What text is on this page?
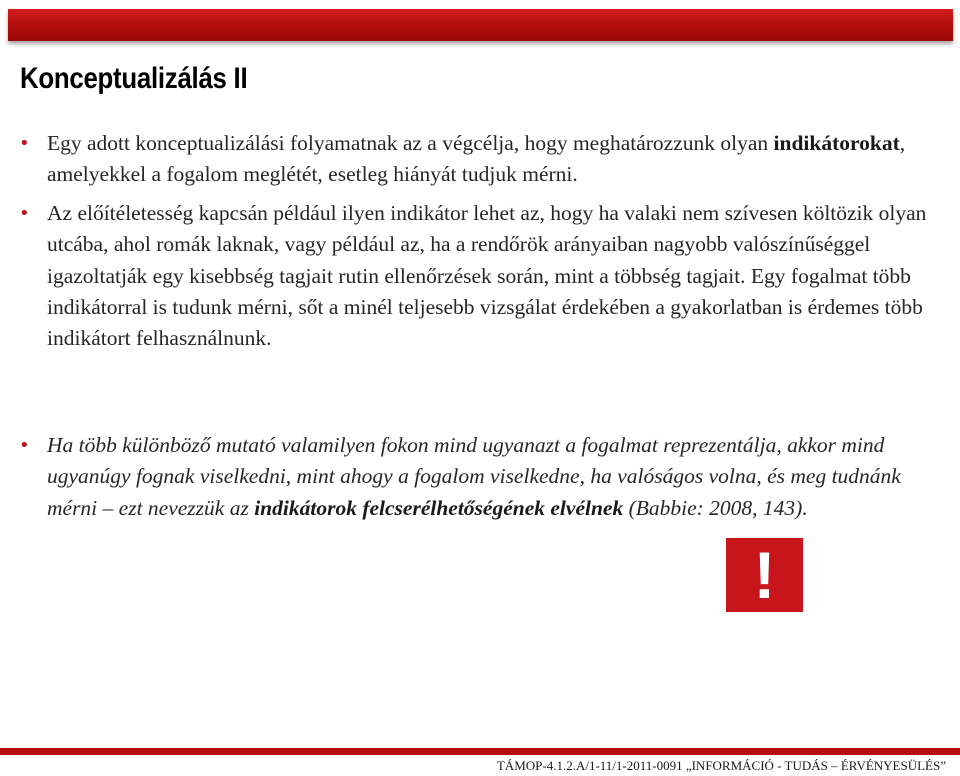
Konceptualizálás II
• Egy adott konceptualizálási folyamatnak az a végcélja, hogy meghatározzunk olyan indikátorokat, amelyekkel a fogalom meglétét, esetleg hiányát tudjuk mérni.
• Az előítéletesség kapcsán például ilyen indikátor lehet az, hogy ha valaki nem szívesen költözik olyan utcába, ahol romák laknak, vagy például az, ha a rendőrök arányaiban nagyobb valószínűséggel igazoltatják egy kisebbség tagjait rutin ellenőrzések során, mint a többség tagjait. Egy fogalmat több indikátorral is tudunk mérni, sőt a minél teljesebb vizsgálat érdekében a gyakorlatban is érdemes több indikátort felhasználnunk.
• Ha több különböző mutató valamilyen fokon mind ugyanazt a fogalmat reprezentálja, akkor mind ugyanúgy fognak viselkedni, mint ahogy a fogalom viselkedne, ha valóságos volna, és meg tudnánk mérni – ezt nevezzük az indikátorok felcserélhetőségének elvélnek (Babbie: 2008, 143).
!
TÁMOP-4.1.2.A/1-11/1-2011-0091 „INFORMÁCIÓ - TUDÁS – ÉRVÉNYESÜLÉS”
